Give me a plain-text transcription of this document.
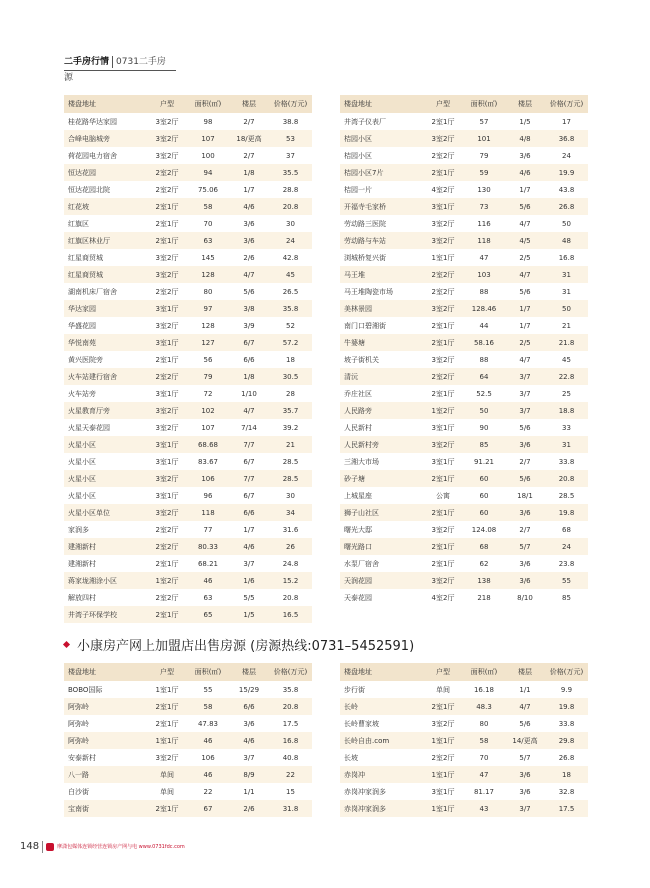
二手房行情 0731二手房源
楼盘地址	户型	面积(㎡)	楼层	价格(万元)
桂花路华达家园	3室2厅	98	2/7	38.8
合峰电脑城旁	3室2厅	107	18/更高	53
荷花园电力宿舍	3室2厅	100	2/7	37
恒达花园	2室2厅	94	1/8	35.5
恒达花园北院	2室2厅	75.06	1/7	28.8
红花坡	2室1厅	58	4/6	20.8
红旗区	2室1厅	70	3/6	30
红旗区林业厅	2室1厅	63	3/6	24
红星商贸城	3室2厅	145	2/6	42.8
红星商贸城	3室2厅	128	4/7	45
湖南机床厂宿舍	2室2厅	80	5/6	26.5
华达家园	3室1厅	97	3/8	35.8
华盛花园	3室2厅	128	3/9	52
华悦南苑	3室1厅	127	6/7	57.2
黄兴医院旁	2室1厅	56	6/6	18
火车站建行宿舍	2室2厅	79	1/8	30.5
火车站旁	3室1厅	72	1/10	28
火星教育厅旁	3室2厅	102	4/7	35.7
火星天泰花园	3室2厅	107	7/14	39.2
火星小区	3室1厅	68.68	7/7	21
火星小区	3室1厅	83.67	6/7	28.5
火星小区	3室2厅	106	7/7	28.5
火星小区	3室1厅	96	6/7	30
火星小区单位	3室2厅	118	6/6	34
家润多	2室2厅	77	1/7	31.6
建湘新村	2室2厅	80.33	4/6	26
建湘新村	2室1厅	68.21	3/7	24.8
蒋家垅湘涂小区	1室2厅	46	1/6	15.2
解放四村	2室2厅	63	5/5	20.8
井湾子环保学校	2室1厅	65	1/5	16.5
楼盘地址	户型	面积(㎡)	楼层	价格(万元)
井湾子仪表厂	2室1厅	57	1/5	17
桔园小区	3室2厅	101	4/8	36.8
桔园小区	2室2厅	79	3/6	24
桔园小区7片	2室1厅	59	4/6	19.9
桔园一片	4室2厅	130	1/7	43.8
开福寺毛家桥	3室1厅	73	5/6	26.8
劳动路三医院	3室2厅	116	4/7	50
劳动路与车站	3室2厅	118	4/5	48
浏城桥复兴街	1室1厅	47	2/5	16.8
马王堆	2室2厅	103	4/7	31
马王堆陶瓷市场	2室2厅	88	5/6	31
美林景园	3室2厅	128.46	1/7	50
南门口碧湘街	2室1厅	44	1/7	21
牛婆塘	2室1厅	58.16	2/5	21.8
坡子街机关	3室2厅	88	4/7	45
清沅	2室2厅	64	3/7	22.8
乔庄社区	2室1厅	52.5	3/7	25
人民路旁	1室2厅	50	3/7	18.8
人民新村	3室1厅	90	5/6	33
人民新村旁	3室2厅	85	3/6	31
三湘大市场	3室1厅	91.21	2/7	33.8
砂子塘	2室1厅	60	5/6	20.8
上城星座	公寓	60	18/1	28.5
狮子山社区	2室1厅	60	3/6	19.8
曙光大邸	3室2厅	124.08	2/7	68
曙光路口	2室1厅	68	5/7	24
水泵厂宿舍	2室1厅	62	3/6	23.8
天润花园	3室2厅	138	3/6	55
天泰花园	4室2厅	218	8/10	85
小康房产网上加盟店出售房源 (房源热线:0731–5452591)
楼盘地址	户型	面积(㎡)	楼层	价格(万元)
BOBO国际	1室1厅	55	15/29	35.8
阿弥岭	2室1厅	58	6/6	20.8
阿弥岭	2室1厅	47.83	3/6	17.5
阿弥岭	1室1厅	46	4/6	16.8
安泰新村	3室2厅	106	3/7	40.8
八一路	单间	46	8/9	22
白沙街	单间	22	1/1	15
宝南街	2室1厅	67	2/6	31.8
楼盘地址	户型	面积(㎡)	楼层	价格(万元)
步行街	单间	16.18	1/1	9.9
长岭	2室1厅	48.3	4/7	19.8
长岭曹家坡	3室2厅	80	5/6	33.8
长岭自由.com	1室1厅	58	14/更高	29.8
长坡	2室2厅	70	5/7	26.8
赤岗冲	1室1厅	47	3/6	18
赤岗冲家润多	3室1厅	81.17	3/6	32.8
赤岗冲家润多	1室1厅	43	3/7	17.5
148	摩潇包媒体连锁经营连锁房产网与电 www.0731fdc.com
